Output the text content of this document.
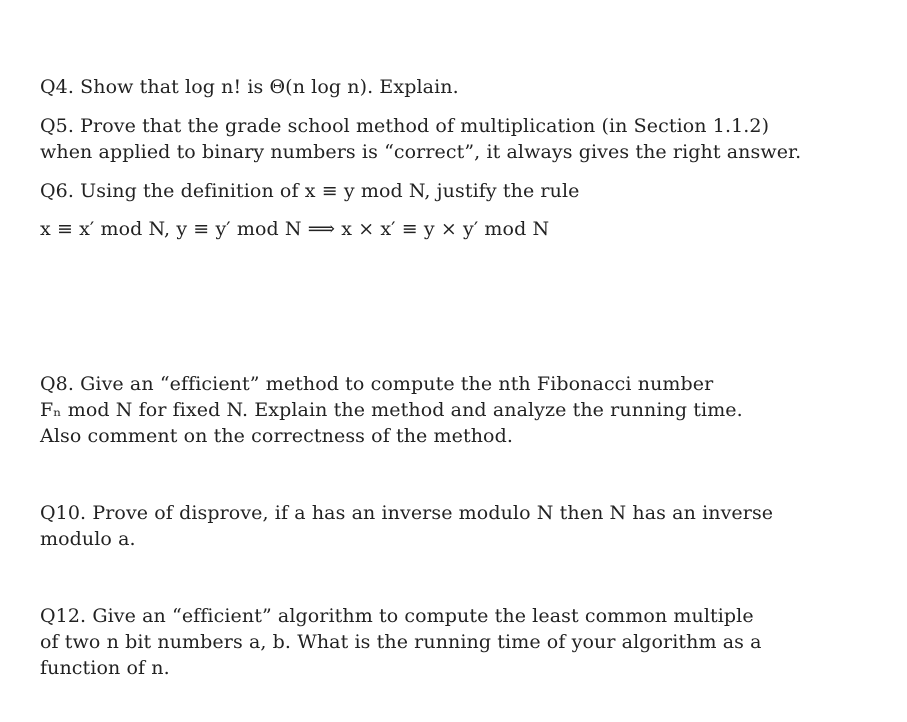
Q4. Show that log n! is Θ(n log n). Explain.
Q5. Prove that the grade school method of multiplication (in Section 1.1.2)
when applied to binary numbers is “correct”, it always gives the right answer.
Q6. Using the definition of x ≡ y mod N, justify the rule
x ≡ x′ mod N, y ≡ y′ mod N ⟹ x × x′ ≡ y × y′ mod N
Q8. Give an “efficient” method to compute the nth Fibonacci number
Fₙ mod N for fixed N. Explain the method and analyze the running time.
Also comment on the correctness of the method.
Q10. Prove of disprove, if a has an inverse modulo N then N has an inverse
modulo a.
Q12. Give an “efficient” algorithm to compute the least common multiple
of two n bit numbers a, b. What is the running time of your algorithm as a
function of n.
